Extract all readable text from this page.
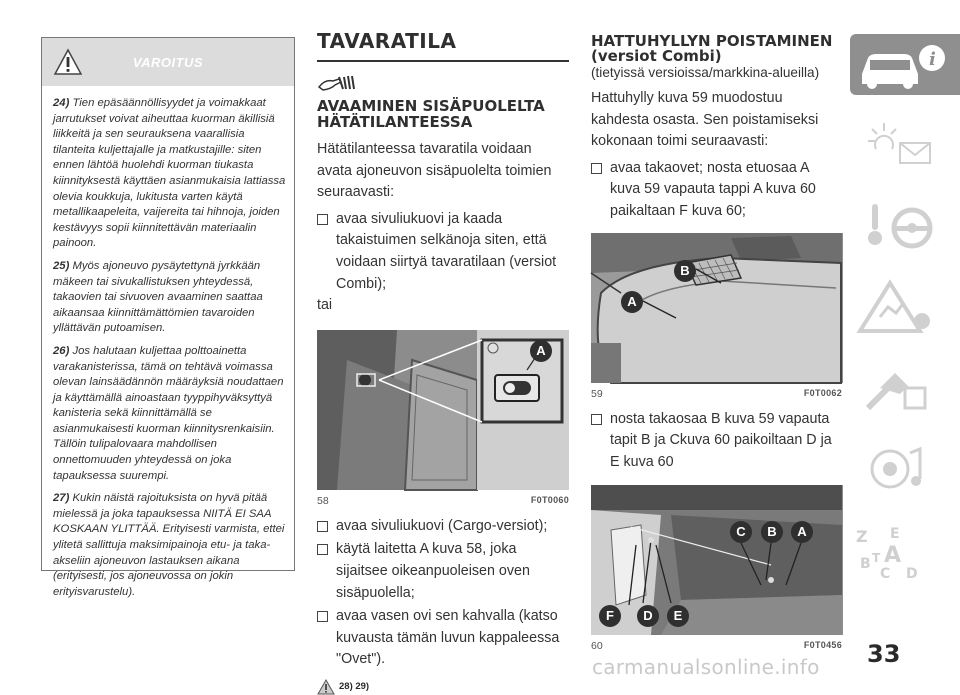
VAROITUS

24) Tien epäsäännöllisyydet ja voimakkaat jarrutukset voivat aiheuttaa kuorman äkillisiä liikkeitä ja sen seurauksena vaarallisia tilanteita kuljettajalle ja matkustajille: siten ennen lähtöä huolehdi kuorman tiukasta kiinnityksestä käyttäen asianmukaisia lattiassa olevia koukkuja, lukitusta varten käytä metallikaapeleita, vaijereita tai hihnoja, joiden kestävyys sopii kiinnitettävän materiaalin painoon.

25) Myös ajoneuvo pysäytettynä jyrkkään mäkeen tai sivukallistuksen yhteydessä, takaovien tai sivuoven avaaminen saattaa aikaansaa kiinnittämättömien tavaroiden yllättävän putoamisen.

26) Jos halutaan kuljettaa polttoainetta varakanisterissa, tämä on tehtävä voimassa olevan lainsäädännön määräyksiä noudattaen ja käyttämällä ainoastaan tyyppihyväksyttyä kanisteria sekä kiinnittämällä se asianmukaisesti kuorman kiinnitysrenkaisiin. Tällöin tulipalovaara mahdollisen onnettomuuden yhteydessä on joka tapauksessa suurempi.

27) Kukin näistä rajoituksista on hyvä pitää mielessä ja joka tapauksessa NIITÄ EI SAA KOSKAAN YLITTÄÄ. Erityisesti varmista, ettei ylitetä sallittuja maksimipainoja etu- ja taka-akseliin ajoneuvon lastauksen aikana (erityisesti, jos ajoneuvossa on jokin erityisvarustelu).

TAVARATILA
AVAAMINEN SISÄPUOLELTA HÄTÄTILANTEESSA
Hätätilanteessa tavaratila voidaan avata ajoneuvon sisäpuolelta toimien seuraavasti:
avaa sivuliukuovi ja kaada takaistuimen selkänoja siten, että voidaan siirtyä tavaratilaan (versiot Combi);
tai
A
58	F0T0060
avaa sivuliukuovi (Cargo-versiot);
käytä laitetta A kuva 58, joka sijaitsee oikeanpuoleisen oven sisäpuolella;
avaa vasen ovi sen kahvalla (katso kuvausta tämän luvun kappaleessa "Ovet").
28) 29)
HATTUHYLLYN POISTAMINEN (versiot Combi)
(tietyissä versioissa/markkina-alueilla)
Hattuhylly kuva 59 muodostuu kahdesta osasta. Sen poistamiseksi kokonaan toimi seuraavasti:
avaa takaovet; nosta etuosaa A kuva 59 vapauta tappi A kuva 60 paikaltaan F kuva 60;
B
A
59	F0T0062
nosta takaosaa B kuva 59 vapauta tapit B ja Ckuva 60 paikoiltaan D ja E kuva 60
C	B	A
F	D	E
60	F0T0456
i
Z E
B A
C D
T
33
carmanualsonline.info
